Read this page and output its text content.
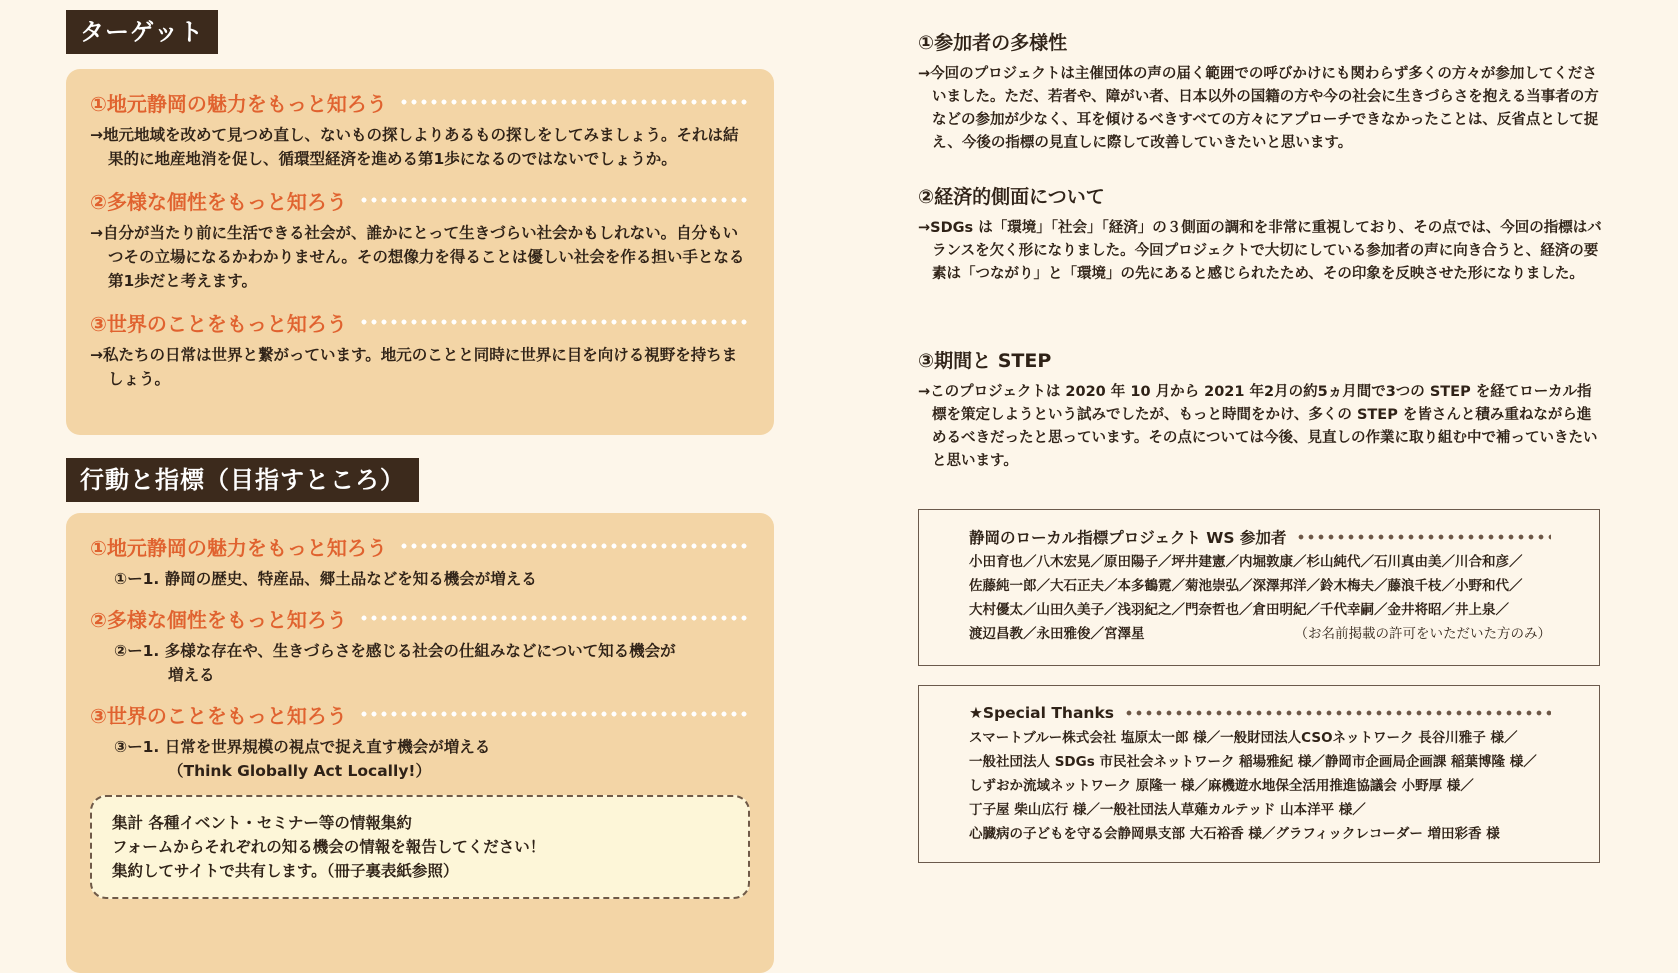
ターゲット
①地元静岡の魅力をもっと知ろう
→地元地域を改めて見つめ直し、ないもの探しよりあるもの探しをしてみましょう。それは結果的に地産地消を促し、循環型経済を進める第1歩になるのではないでしょうか。
②多様な個性をもっと知ろう
→自分が当たり前に生活できる社会が、誰かにとって生きづらい社会かもしれない。自分もいつその立場になるかわかりません。その想像力を得ることは優しい社会を作る担い手となる第1歩だと考えます。
③世界のことをもっと知ろう
→私たちの日常は世界と繋がっています。地元のことと同時に世界に目を向ける視野を持ちましょう。
行動と指標（目指すところ）
①地元静岡の魅力をもっと知ろう
①ー1. 静岡の歴史、特産品、郷土品などを知る機会が増える
②多様な個性をもっと知ろう
②ー1. 多様な存在や、生きづらさを感じる社会の仕組みなどについて知る機会が
増える
③世界のことをもっと知ろう
③ー1. 日常を世界規模の視点で捉え直す機会が増える
（Think Globally Act Locally!）
集計 各種イベント・セミナー等の情報集約
フォームからそれぞれの知る機会の情報を報告してください！
集約してサイトで共有します。（冊子裏表紙参照）
①参加者の多様性
→今回のプロジェクトは主催団体の声の届く範囲での呼びかけにも関わらず多くの方々が参加してくださいました。ただ、若者や、障がい者、日本以外の国籍の方や今の社会に生きづらさを抱える当事者の方などの参加が少なく、耳を傾けるべきすべての方々にアプローチできなかったことは、反省点として捉え、今後の指標の見直しに際して改善していきたいと思います。
②経済的側面について
→SDGs は「環境」「社会」「経済」の３側面の調和を非常に重視しており、その点では、今回の指標はバランスを欠く形になりました。今回プロジェクトで大切にしている参加者の声に向き合うと、経済の要素は「つながり」と「環境」の先にあると感じられたため、その印象を反映させた形になりました。
③期間と STEP
→このプロジェクトは 2020 年 10 月から 2021 年2月の約5ヵ月間で3つの STEP を経てローカル指標を策定しようという試みでしたが、もっと時間をかけ、多くの STEP を皆さんと積み重ねながら進めるべきだったと思っています。その点については今後、見直しの作業に取り組む中で補っていきたいと思います。
静岡のローカル指標プロジェクト WS 参加者
小田育也／八木宏晃／原田陽子／坪井建憲／内堀敦康／杉山純代／石川真由美／川合和彦／
佐藤純一郎／大石正夫／本多鶴霓／菊池崇弘／深澤邦洋／鈴木梅夫／藤浪千枝／小野和代／
大村優太／山田久美子／浅羽紀之／門奈哲也／倉田明紀／千代幸嗣／金井将昭／井上泉／
渡辺昌教／永田雅俊／宮澤星	（お名前掲載の許可をいただいた方のみ）
★Special Thanks
スマートブルー株式会社 塩原太一郎 様／一般財団法人CSOネットワーク 長谷川雅子 様／
一般社団法人 SDGs 市民社会ネットワーク 稲場雅紀 様／静岡市企画局企画課 稲葉博隆 様／
しずおか流域ネットワーク 原隆一 様／麻機遊水地保全活用推進協議会 小野厚 様／
丁子屋 柴山広行 様／一般社団法人草薙カルテッド 山本洋平 様／
心臓病の子どもを守る会静岡県支部 大石裕香 様／グラフィックレコーダー 増田彩香 様
